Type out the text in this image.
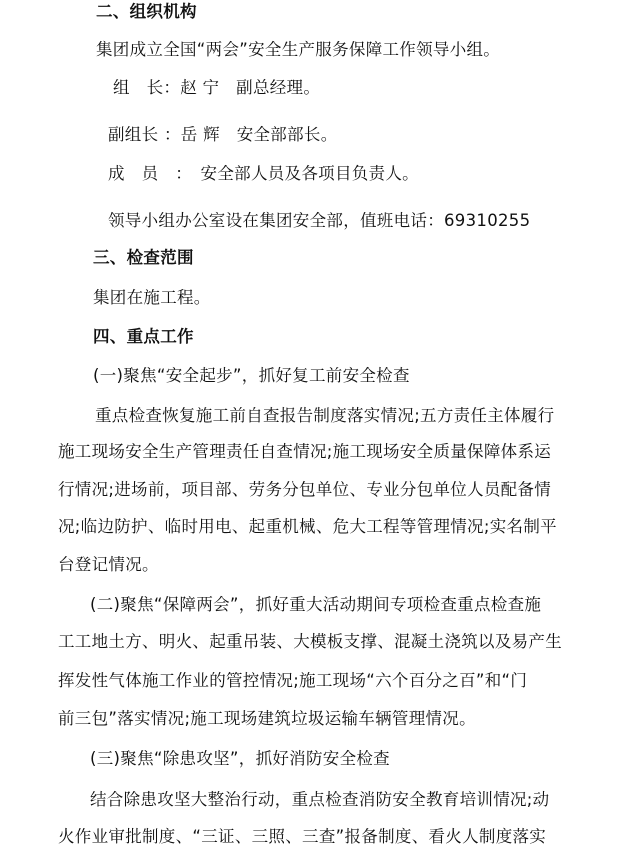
二、组织机构
集团成立全国“两会”安全生产服务保障工作领导小组。
组　长：赵 宁　副总经理。
副组长 ：岳 辉　安全部部长。
成　员　：　安全部人员及各项目负责人。
领导小组办公室设在集团安全部，值班电话：69310255
三、检查范围
集团在施工程。
四、重点工作
(一)聚焦“安全起步”，抓好复工前安全检查
重点检查恢复施工前自查报告制度落实情况;五方责任主体履行
施工现场安全生产管理责任自查情况;施工现场安全质量保障体系运
行情况;进场前，项目部、劳务分包单位、专业分包单位人员配备情
况;临边防护、临时用电、起重机械、危大工程等管理情况;实名制平
台登记情况。
(二)聚焦“保障两会”，抓好重大活动期间专项检查重点检查施
工工地土方、明火、起重吊装、大模板支撑、混凝土浇筑以及易产生
挥发性气体施工作业的管控情况;施工现场“六个百分之百”和“门
前三包”落实情况;施工现场建筑垃圾运输车辆管理情况。
(三)聚焦“除患攻坚”，抓好消防安全检查
结合除患攻坚大整治行动，重点检查消防安全教育培训情况;动
火作业审批制度、“三证、三照、三查”报备制度、看火人制度落实
